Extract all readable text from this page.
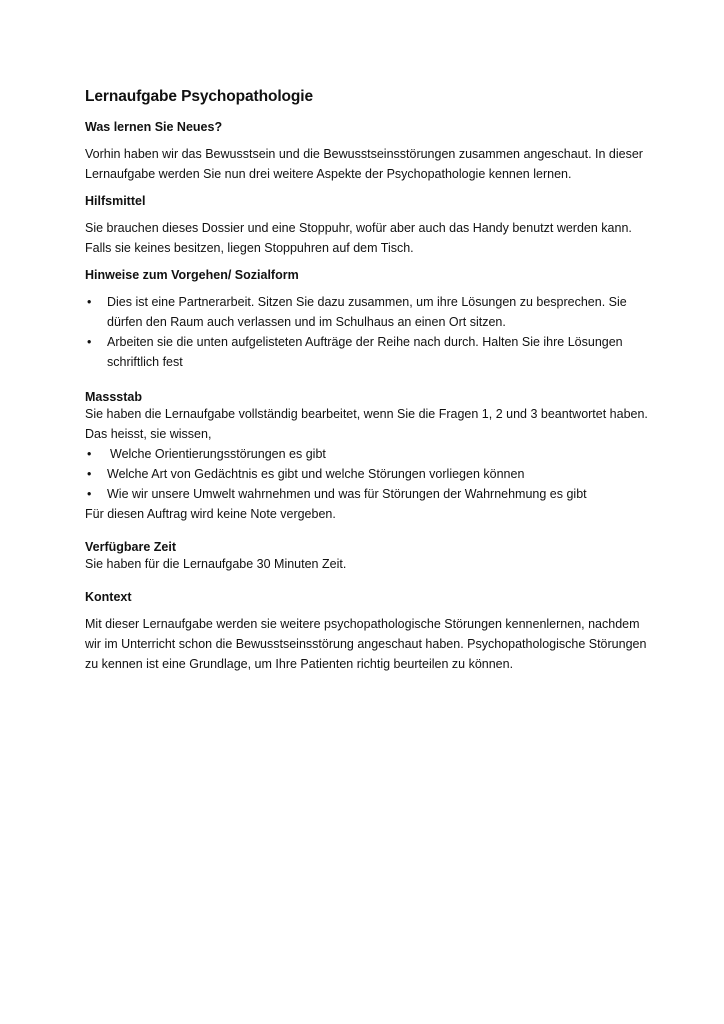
Lernaufgabe Psychopathologie
Was lernen Sie Neues?
Vorhin haben wir das Bewusstsein und die Bewusstseinsstörungen zusammen angeschaut. In dieser Lernaufgabe werden Sie nun drei weitere Aspekte der Psychopathologie kennen lernen.
Hilfsmittel
Sie brauchen dieses Dossier und eine Stoppuhr, wofür aber auch das Handy benutzt werden kann. Falls sie keines besitzen, liegen Stoppuhren auf dem Tisch.
Hinweise zum Vorgehen/ Sozialform
• Dies ist eine Partnerarbeit. Sitzen Sie dazu zusammen, um ihre Lösungen zu besprechen. Sie dürfen den Raum auch verlassen und im Schulhaus an einen Ort sitzen.
• Arbeiten sie die unten aufgelisteten Aufträge der Reihe nach durch. Halten Sie ihre Lösungen schriftlich fest
Massstab
Sie haben die Lernaufgabe vollständig bearbeitet, wenn Sie die Fragen 1, 2 und 3 beantwortet haben. Das heisst, sie wissen,
• Welche Orientierungsstörungen es gibt
• Welche Art von Gedächtnis es gibt und welche Störungen vorliegen können
• Wie wir unsere Umwelt wahrnehmen und was für Störungen der Wahrnehmung es gibt
Für diesen Auftrag wird keine Note vergeben.
Verfügbare Zeit
Sie haben für die Lernaufgabe 30 Minuten Zeit.
Kontext
Mit dieser Lernaufgabe werden sie weitere psychopathologische Störungen kennenlernen, nachdem wir im Unterricht schon die Bewusstseinsstörung angeschaut haben. Psychopathologische Störungen zu kennen ist eine Grundlage, um Ihre Patienten richtig beurteilen zu können.
